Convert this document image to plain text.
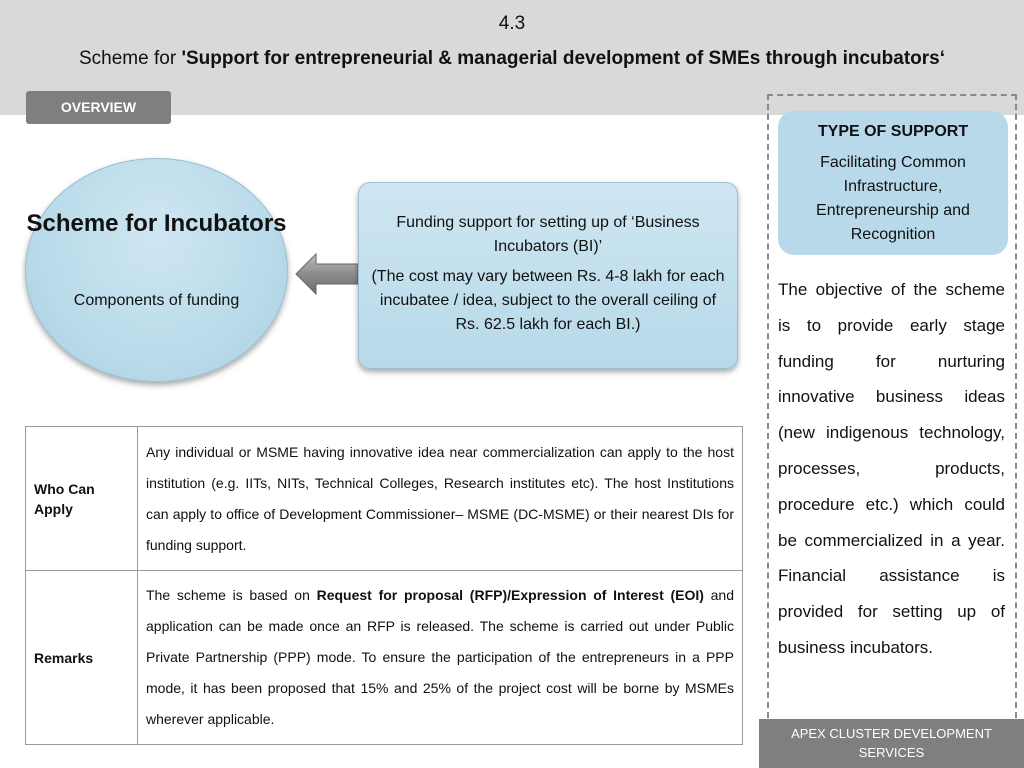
4.3
Scheme for 'Support for entrepreneurial & managerial development of SMEs through incubators‘
OVERVIEW
Scheme for Incubators
Components of funding
Funding support for setting up of ‘Business Incubators (BI)’
(The cost may vary between Rs. 4-8 lakh for each incubatee / idea, subject to the overall ceiling of Rs. 62.5 lakh for each BI.)
Who Can Apply	Any individual or MSME having innovative idea near commercialization can apply to the host institution (e.g. IITs, NITs, Technical Colleges, Research institutes etc). The host Institutions can apply to office of Development Commissioner– MSME (DC-MSME) or their nearest DIs for funding support.
Remarks	The scheme is based on Request for proposal (RFP)/Expression of Interest (EOI) and application can be made once an RFP is released. The scheme is carried out under Public Private Partnership (PPP) mode. To ensure the participation of the entrepreneurs in a PPP mode, it has been proposed that 15% and 25% of the project cost will be borne by MSMEs wherever applicable.
TYPE OF SUPPORT
Facilitating Common Infrastructure, Entrepreneurship and Recognition
The objective of the scheme is to provide early stage funding for nurturing innovative business ideas (new indigenous technology, processes, products, procedure etc.) which could be commercialized in a year. Financial assistance is provided for setting up of business incubators.
APEX CLUSTER DEVELOPMENT SERVICES
